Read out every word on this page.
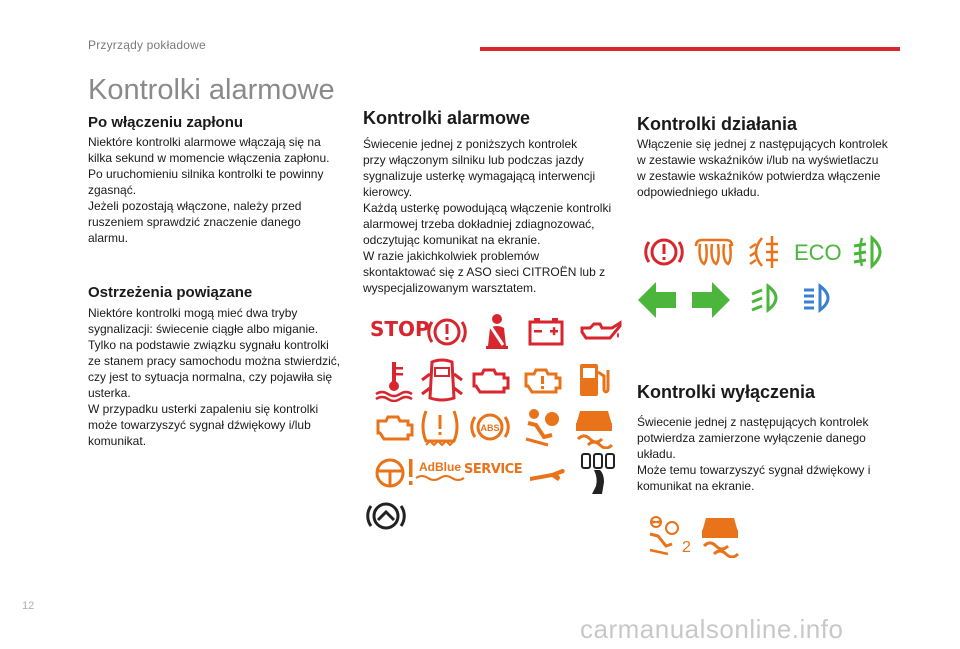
Przyrządy pokładowe
Kontrolki alarmowe
Po włączeniu zapłonu
Niektóre kontrolki alarmowe włączają się na
kilka sekund w momencie włączenia zapłonu.
Po uruchomieniu silnika kontrolki te powinny
zgasnąć.
Jeżeli pozostają włączone, należy przed
ruszeniem sprawdzić znaczenie danego
alarmu.
Ostrzeżenia powiązane
Niektóre kontrolki mogą mieć dwa tryby
sygnalizacji: świecenie ciągłe albo miganie.
Tylko na podstawie związku sygnału kontrolki
ze stanem pracy samochodu można stwierdzić,
czy jest to sytuacja normalna, czy pojawiła się
usterka.
W przypadku usterki zapaleniu się kontrolki
może towarzyszyć sygnał dźwiękowy i/lub
komunikat.
Kontrolki alarmowe
Świecenie jednej z poniższych kontrolek
przy włączonym silniku lub podczas jazdy
sygnalizuje usterkę wymagającą interwencji
kierowcy.
Każdą usterkę powodującą włączenie kontrolki
alarmowej trzeba dokładniej zdiagnozować,
odczytując komunikat na ekranie.
W razie jakichkolwiek problemów
skontaktować się z ASO sieci CITROËN lub z
wyspecjalizowanym warsztatem.
STOP
ABS
AdBlue SERVICE
Kontrolki działania
Włączenie się jednej z następujących kontrolek
w zestawie wskaźników i/lub na wyświetlaczu
w zestawie wskaźników potwierdza włączenie
odpowiedniego układu.
ECO
Kontrolki wyłączenia
Świecenie jednej z następujących kontrolek
potwierdza zamierzone wyłączenie danego
układu.
Może temu towarzyszyć sygnał dźwiękowy i
komunikat na ekranie.
2
12
carmanualsonline.info
